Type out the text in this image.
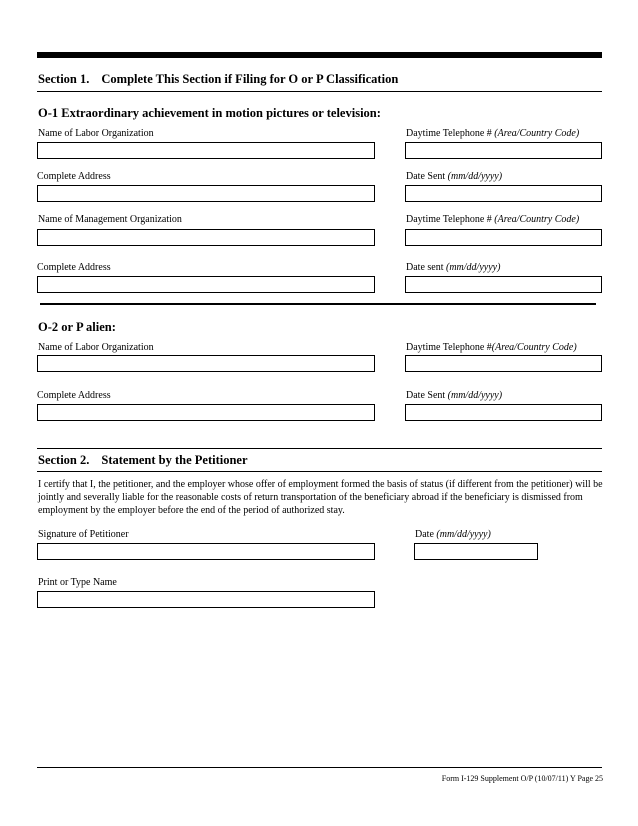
Section 1. Complete This Section if Filing for O or P Classification
O-1 Extraordinary achievement in motion pictures or television:
Name of Labor Organization	Daytime Telephone # (Area/Country Code)
Complete Address	Date Sent (mm/dd/yyyy)
Name of Management Organization	Daytime Telephone # (Area/Country Code)
Complete Address	Date sent (mm/dd/yyyy)
O-2 or P alien:
Name of Labor Organization	Daytime Telephone #(Area/Country Code)
Complete Address	Date Sent (mm/dd/yyyy)
Section 2. Statement by the Petitioner
I certify that I, the petitioner, and the employer whose offer of employment formed the basis of status (if different from the petitioner) will be jointly and severally liable for the reasonable costs of return transportation of the beneficiary abroad if the beneficiary is dismissed from employment by the employer before the end of the period of authorized stay.
Signature of Petitioner	Date (mm/dd/yyyy)
Print or Type Name
Form I-129 Supplement O/P (10/07/11) Y Page 25
